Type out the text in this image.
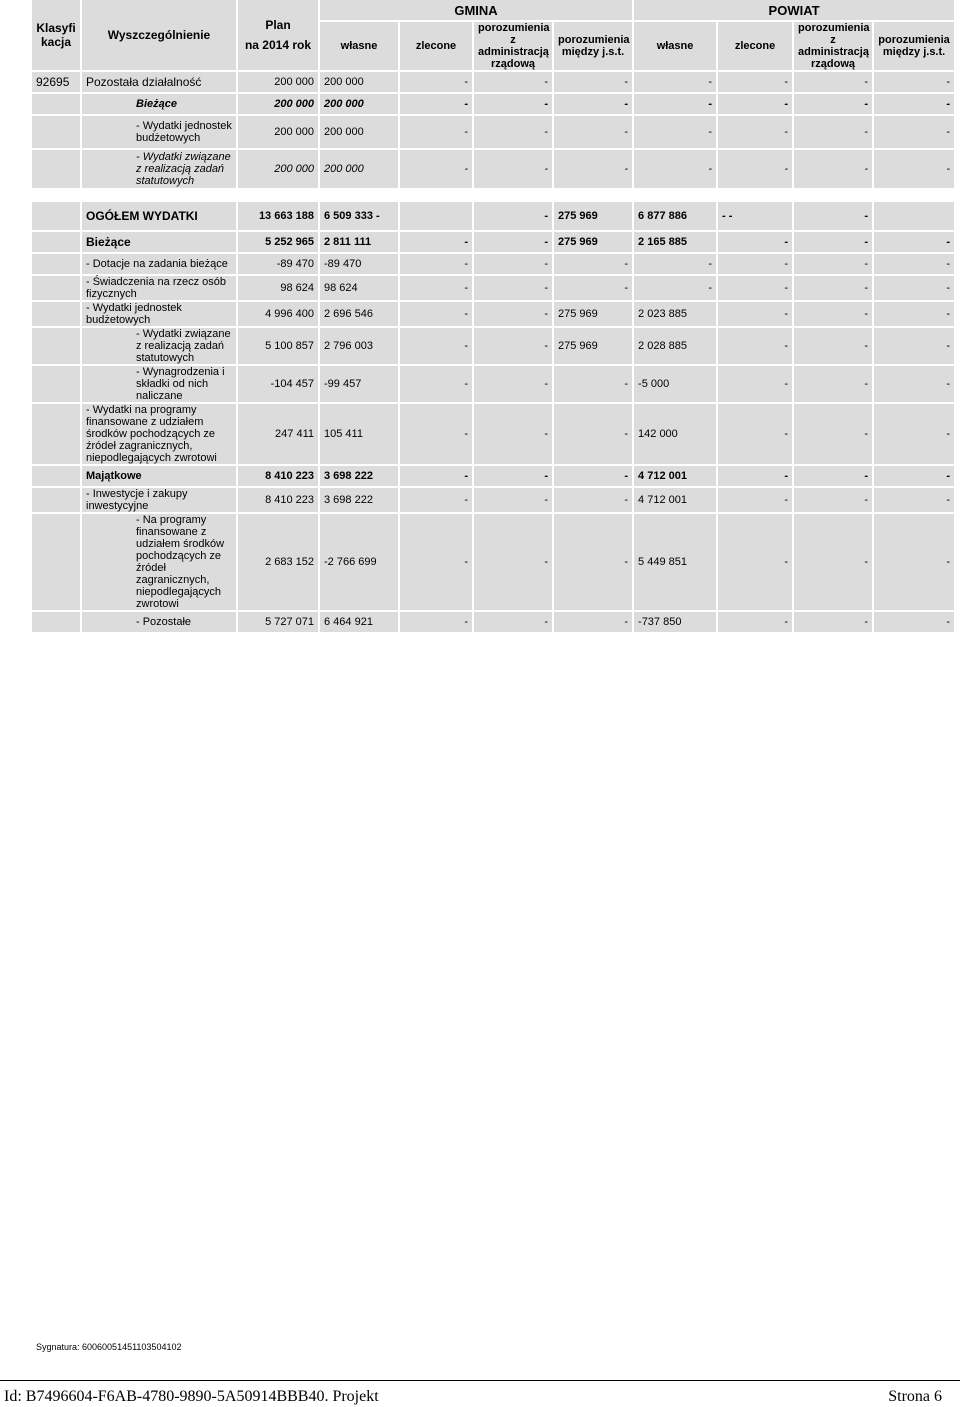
Klasyfi
kacja	Wyszczególnienie	Plan
na 2014 rok	GMINA				POWIAT			
			własne	zlecone	porozumienia z administracją rządową	porozumienia między j.s.t.	własne	zlecone	porozumienia z administracją rządową	porozumienia między j.s.t.
92695	Pozostała działalność	200 000	200 000	-	-	-	-	-	-	-
	Bieżące	200 000	200 000	-	-	-	-	-	-	-
	- Wydatki jednostek budżetowych	200 000	200 000	-	-	-	-	-	-	-
	- Wydatki związane z realizacją zadań statutowych	200 000	200 000	-	-	-	-	-	-	-

	OGÓŁEM WYDATKI	13 663 188	6 509 333 -		-	275 969	6 877 886	- -	-	
	Bieżące	5 252 965	2 811 111	-	-	275 969	2 165 885	-	-	-
	- Dotacje na zadania bieżące	-89 470	-89 470	-	-	-	-	-	-	-
	- Świadczenia na rzecz osób fizycznych	98 624	98 624	-	-	-	-	-	-	-
	- Wydatki jednostek budżetowych	4 996 400	2 696 546	-	-	275 969	2 023 885	-	-	-
	- Wydatki związane z realizacją zadań statutowych	5 100 857	2 796 003	-	-	275 969	2 028 885	-	-	-
	- Wynagrodzenia i składki od nich naliczane	-104 457	-99 457	-	-	-	-5 000	-	-	-
	- Wydatki na programy finansowane z udziałem środków pochodzących ze źródeł zagranicznych, niepodlegających zwrotowi	247 411	105 411	-	-	-	142 000	-	-	-
	Majątkowe	8 410 223	3 698 222	-	-	-	4 712 001	-	-	-
	- Inwestycje i zakupy inwestycyjne	8 410 223	3 698 222	-	-	-	4 712 001	-	-	-
	- Na programy finansowane z udziałem środków pochodzących ze źródeł zagranicznych, niepodlegających zwrotowi	2 683 152	-2 766 699	-	-	-	5 449 851	-	-	-
	- Pozostałe	5 727 071	6 464 921	-	-	-	-737 850	-	-	-
Sygnatura: 60060051451103504102
Id: B7496604-F6AB-4780-9890-5A50914BBB40. Projekt	Strona 6
